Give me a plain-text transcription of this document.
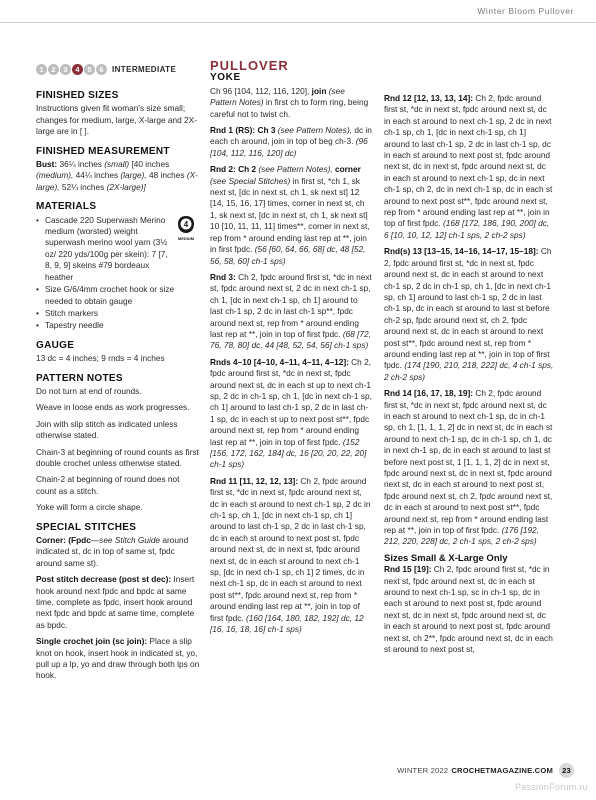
Winter Bloom Pullover
1	2	3	4	5	6	INTERMEDIATE
FINISHED SIZES

Instructions given fit woman's size small; changes for medium, large, X-large and 2X-large are in [ ].

FINISHED MEASUREMENT

Bust: 36¼ inches (small) [40 inches (medium), 44¼ inches (large), 48 inches (X-large), 52¼ inches (2X-large)]

MATERIALS
4
MEDIUM
• Cascade 220 Superwash Merino medium (worsted) weight superwash merino wool yarn (3½ oz/ 220 yds/100g per skein): 7 [7, 8, 9, 9] skeins #79 bordeaux heather
• Size G/6/4mm crochet hook or size needed to obtain gauge
• Stitch markers
• Tapestry needle
GAUGE

13 dc = 4 inches; 9 rnds = 4 inches

PATTERN NOTES

Do not turn at end of rounds.

Weave in loose ends as work progresses.

Join with slip stitch as indicated unless otherwise stated.

Chain-3 at beginning of round counts as first double crochet unless otherwise stated.

Chain-2 at beginning of round does not count as a stitch.

Yoke will form a circle shape.

SPECIAL STITCHES

Corner: (Fpdc—see Stitch Guide around indicated st, dc in top of same st, fpdc around same st).

Post stitch decrease (post st dec): Insert hook around next fpdc and bpdc at same time, complete as fpdc, insert hook around next fpdc and bpdc at same time, complete as bpdc.

Single crochet join (sc join): Place a slip knot on hook, insert hook in indicated st, yo, pull up a lp, yo and draw through both lps on hook.

PULLOVER
YOKE

Ch 96 [104, 112, 116, 120], join (see Pattern Notes) in first ch to form ring, being careful not to twist ch.

Rnd 1 (RS): Ch 3 (see Pattern Notes), dc in each ch around, join in top of beg ch-3. (96 [104, 112, 116, 120] dc)

Rnd 2: Ch 2 (see Pattern Notes), corner (see Special Stitches) in first st, *ch 1, sk next st, [dc in next st, ch 1, sk next st] 12 [14, 15, 16, 17] times, corner in next st, ch 1, sk next st, [dc in next st, ch 1, sk next st] 10 [10, 11, 11, 11] times**, corner in next st, rep from * around ending last rep at **, join in first fpdc. (56 [60, 64, 66, 68] dc, 48 [52, 56, 58, 60] ch-1 sps)

Rnd 3: Ch 2, fpdc around first st, *dc in next st, fpdc around next st, 2 dc in next ch-1 sp, ch 1, [dc in next ch-1 sp, ch 1] around to last ch-1 sp, 2 dc in last ch-1 sp**, fpdc around next st, rep from * around ending last rep at **, join in top of first fpdc. (68 [72, 76, 78, 80] dc, 44 [48, 52, 54, 56] ch-1 sps)

Rnds 4–10 [4–10, 4–11, 4–11, 4–12]: Ch 2, fpdc around first st, *dc in next st, fpdc around next st, dc in each st up to next ch-1 sp, 2 dc in ch-1 sp, ch 1, [dc in next ch-1 sp, ch 1] around to last ch-1 sp, 2 dc in last ch-1 sp, dc in each st up to next post st**, fpdc around next st, rep from * around ending last rep at **, join in top of first fpdc. (152 [156, 172, 162, 184] dc, 16 [20, 20, 22, 20] ch-1 sps)

Rnd 11 [11, 12, 12, 13]: Ch 2, fpdc around first st, *dc in next st, fpdc around next st, dc in each st around to next ch-1 sp, 2 dc in ch-1 sp, ch 1, [dc in next ch-1 sp, ch 1] around to last ch-1 sp, 2 dc in last ch-1 sp, dc in each st around to next post st, fpdc around next st, dc in next st, fpdc around next st, dc in each st around to next ch-1 sp, [dc in next ch-1 sp, ch 1] 2 times, dc in next ch-1 sp, dc in each st around to next post st**, fpdc around next st, rep from * around ending last rep at **, join in top of first fpdc. (160 [164, 180, 182, 192] dc, 12 [16, 16, 18, 16] ch-1 sps)

Rnd 12 [12, 13, 13, 14]: Ch 2, fpdc around first st, *dc in next st, fpdc around next st, dc in each st around to next ch-1 sp, 2 dc in next ch-1 sp, ch 1, [dc in next ch-1 sp, ch 1] around to last ch-1 sp, 2 dc in last ch-1 sp, dc in each st around to next post st, fpdc around next st, dc in next st, fpdc around next st, dc in each st around to next ch-1 sp, dc in next ch-1 sp, ch 2, dc in next ch-1 sp, dc in each st around to next post st**, fpdc around next st, rep from * around ending last rep at **, join in top of first fpdc. (168 [172, 186, 190, 200] dc, 6 [10, 10, 12, 12] ch-1 sps, 2 ch-2 sps)

Rnd(s) 13 [13–15, 14–16, 14–17, 15–18]: Ch 2, fpdc around first st, *dc in next st, fpdc around next st, dc in each st around to next ch-1 sp, 2 dc in ch-1 sp, ch 1, [dc in next ch-1 sp, ch 1] around to last ch-1 sp, 2 dc in last ch-1 sp, dc in each st around to last st before ch-2 sp, fpdc around next st, ch 2, fpdc around next st, dc in each st around to next post st**, fpdc around next st, rep from * around ending last rep at **, join in top of first fpdc. (174 [190, 210, 218, 222] dc, 4 ch-1 sps, 2 ch-2 sps)

Rnd 14 [16, 17, 18, 19]: Ch 2, fpdc around first st, *dc in next st, fpdc around next st, dc in each st around to next ch-1 sp, dc in ch-1 sp, ch 1, [1, 1, 1, 2] dc in next st, dc in each st around to next ch-1 sp, dc in ch-1 sp, ch 1, dc in next ch-1 sp, dc in each st around to last st before next post st, 1 [1, 1, 1, 2] dc in next st, fpdc around next st, dc in next st, fpdc around next st, dc in each st around to next post st, fpdc around next st, ch 2, fpdc around next st, dc in each st around to next post st**, fpdc around next st, rep from * around ending last rep at **, join in top of first fpdc. (176 [192, 212, 220, 228] dc, 2 ch-1 sps, 2 ch-2 sps)

Sizes Small & X-Large Only

Rnd 15 [19]: Ch 2, fpdc around first st, *dc in next st, fpdc around next st, dc in each st around to next ch-1 sp, sc in ch-1 sp, dc in each st around to next post st, fpdc around next st, dc in next st, fpdc around next st, dc in each st around to next post st, fpdc around next st, ch 2**, fpdc around next st, dc in each st around to next post st,

WINTER 2022 CROCHETMAGAZINE.COM	23
PassionForum.ru
